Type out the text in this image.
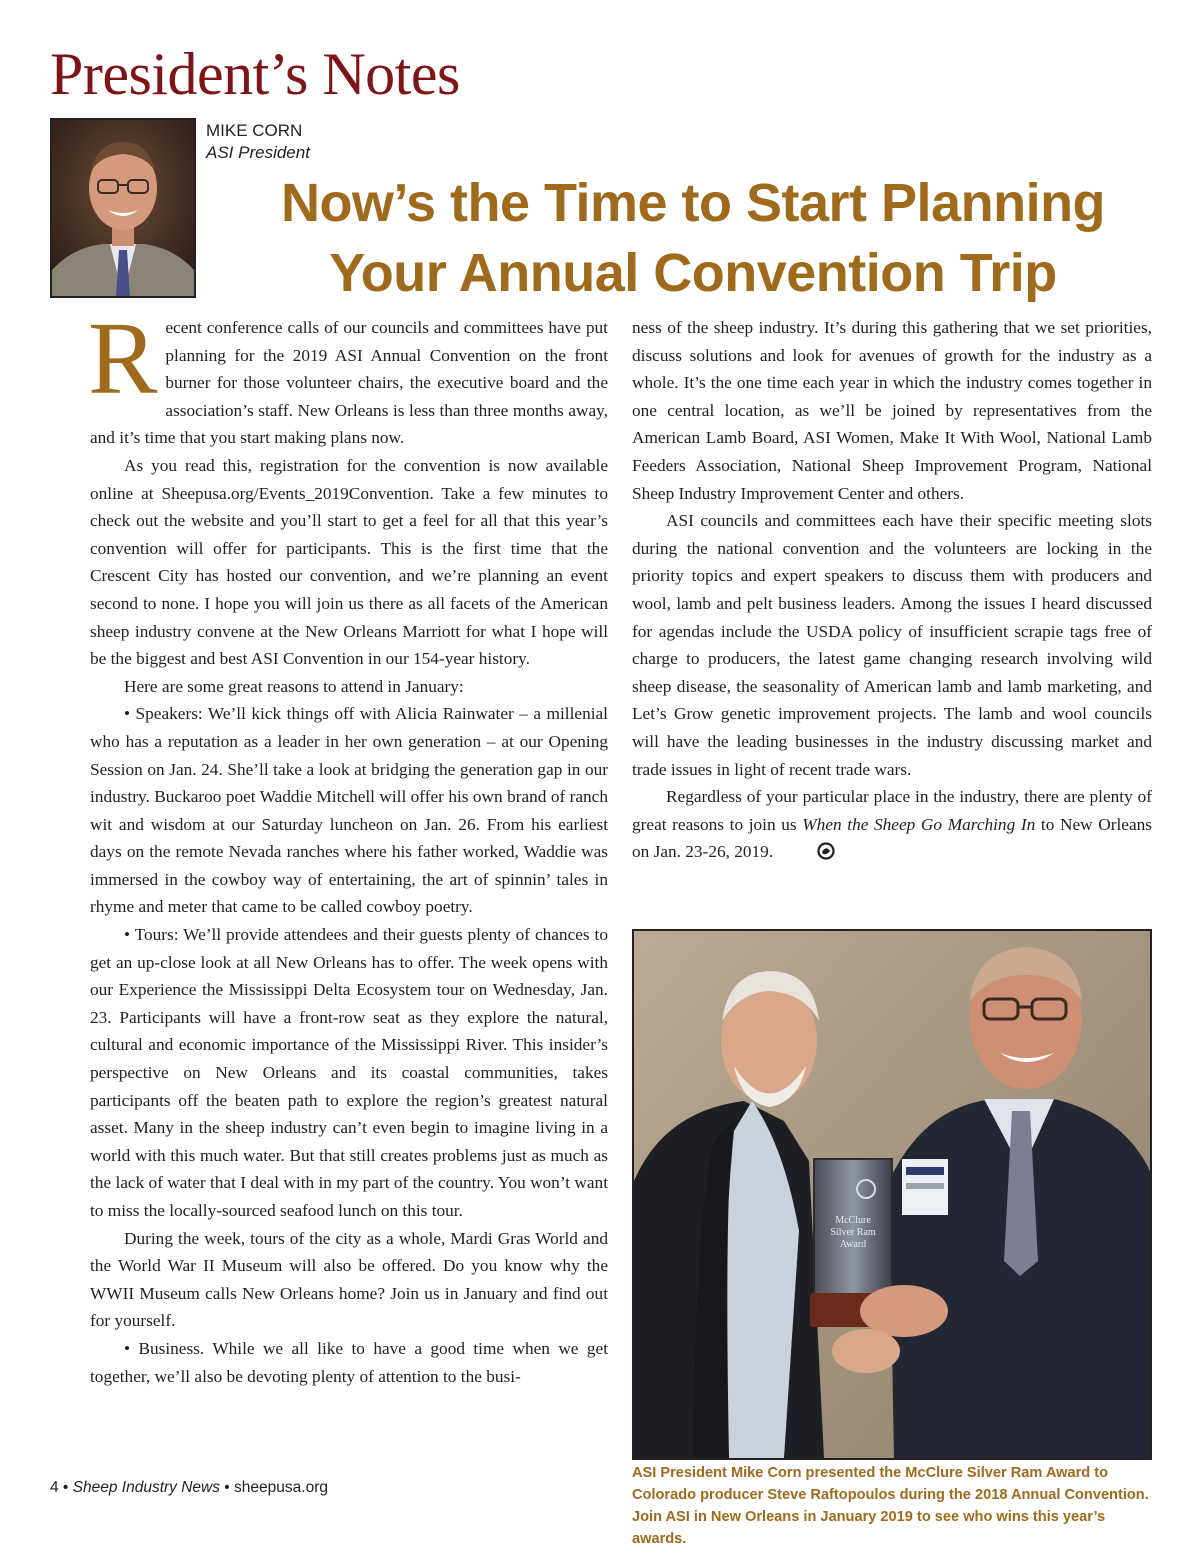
President’s Notes
MIKE CORN
ASI President
Now’s the Time to Start Planning
Your Annual Convention Trip

Recent conference calls of our councils and committees have put planning for the 2019 ASI Annual Convention on the front burner for those volunteer chairs, the executive board and the association’s staff. New Orleans is less than three months away, and it’s time that you start making plans now.

As you read this, registration for the convention is now available online at Sheepusa.org/Events_2019Convention. Take a few minutes to check out the website and you’ll start to get a feel for all that this year’s convention will offer for participants. This is the first time that the Crescent City has hosted our convention, and we’re planning an event second to none. I hope you will join us there as all facets of the American sheep industry convene at the New Orleans Marriott for what I hope will be the biggest and best ASI Convention in our 154-year history.

Here are some great reasons to attend in January:

• Speakers: We’ll kick things off with Alicia Rainwater – a millenial who has a reputation as a leader in her own generation – at our Opening Session on Jan. 24. She’ll take a look at bridging the generation gap in our industry. Buckaroo poet Waddie Mitchell will offer his own brand of ranch wit and wisdom at our Saturday luncheon on Jan. 26. From his earliest days on the remote Nevada ranches where his father worked, Waddie was immersed in the cowboy way of entertaining, the art of spinnin’ tales in rhyme and meter that came to be called cowboy poetry.

• Tours: We’ll provide attendees and their guests plenty of chances to get an up-close look at all New Orleans has to offer. The week opens with our Experience the Mississippi Delta Ecosystem tour on Wednesday, Jan. 23. Participants will have a front-row seat as they explore the natural, cultural and economic importance of the Mississippi River. This insider’s perspective on New Orleans and its coastal communities, takes participants off the beaten path to explore the region’s greatest natural asset. Many in the sheep industry can’t even begin to imagine living in a world with this much water. But that still creates problems just as much as the lack of water that I deal with in my part of the country. You won’t want to miss the locally-sourced seafood lunch on this tour.

During the week, tours of the city as a whole, Mardi Gras World and the World War II Museum will also be offered. Do you know why the WWII Museum calls New Orleans home? Join us in January and find out for yourself.

• Business. While we all like to have a good time when we get together, we’ll also be devoting plenty of attention to the busi-

ness of the sheep industry. It’s during this gathering that we set priorities, discuss solutions and look for avenues of growth for the industry as a whole. It’s the one time each year in which the industry comes together in one central location, as we’ll be joined by representatives from the American Lamb Board, ASI Women, Make It With Wool, National Lamb Feeders Association, National Sheep Improvement Program, National Sheep Industry Improvement Center and others.

ASI councils and committees each have their specific meeting slots during the national convention and the volunteers are locking in the priority topics and expert speakers to discuss them with producers and wool, lamb and pelt business leaders. Among the issues I heard discussed for agendas include the USDA policy of insufficient scrapie tags free of charge to producers, the latest game changing research involving wild sheep disease, the seasonality of American lamb and lamb marketing, and Let’s Grow genetic improvement projects. The lamb and wool councils will have the leading businesses in the industry discussing market and trade issues in light of recent trade wars.

Regardless of your particular place in the industry, there are plenty of great reasons to join us When the Sheep Go Marching In to New Orleans on Jan. 23-26, 2019.

McClure
Silver Ram
Award

ASI President Mike Corn presented the McClure Silver Ram Award to Colorado producer Steve Raftopoulos during the 2018 Annual Convention. Join ASI in New Orleans in January 2019 to see who wins this year’s awards.

4 • Sheep Industry News • sheepusa.org
